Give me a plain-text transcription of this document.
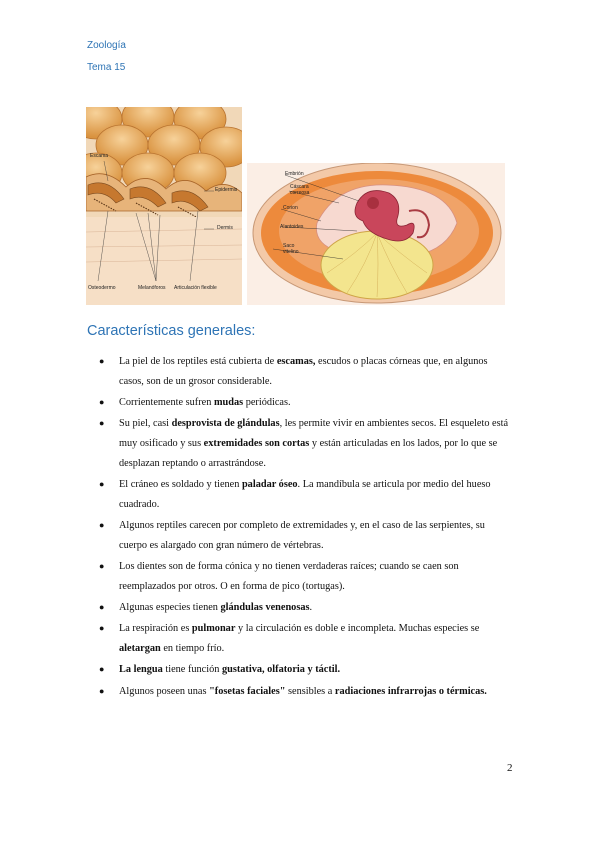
Zoología
Tema 15
Escama
Epidermis
Dermis
Osteodermo	Melanóforos Articulación flexible
Embrión
Cáscara
correosa
Corion
Alantoides
Saco
vitelino
Características generales:
● La piel de los reptiles está cubierta de escamas, escudos o placas córneas que, en algunos casos, son de un grosor considerable.
● Corrientemente sufren mudas periódicas.
● Su piel, casi desprovista de glándulas, les permite vivir en ambientes secos. El esqueleto está muy osificado y sus extremidades son cortas y están articuladas en los lados, por lo que se desplazan reptando o arrastrándose.
● El cráneo es soldado y tienen paladar óseo. La mandíbula se articula por medio del hueso cuadrado.
● Algunos reptiles carecen por completo de extremidades y, en el caso de las serpientes, su cuerpo es alargado con gran número de vértebras.
● Los dientes son de forma cónica y no tienen verdaderas raíces; cuando se caen son reemplazados por otros. O en forma de pico (tortugas).
● Algunas especies tienen glándulas venenosas.
● La respiración es pulmonar y la circulación es doble e incompleta. Muchas especies se aletargan en tiempo frío.
● La lengua tiene función gustativa, olfatoria y táctil.
● Algunos poseen unas "fosetas faciales" sensibles a radiaciones infrarrojas o térmicas.
2
